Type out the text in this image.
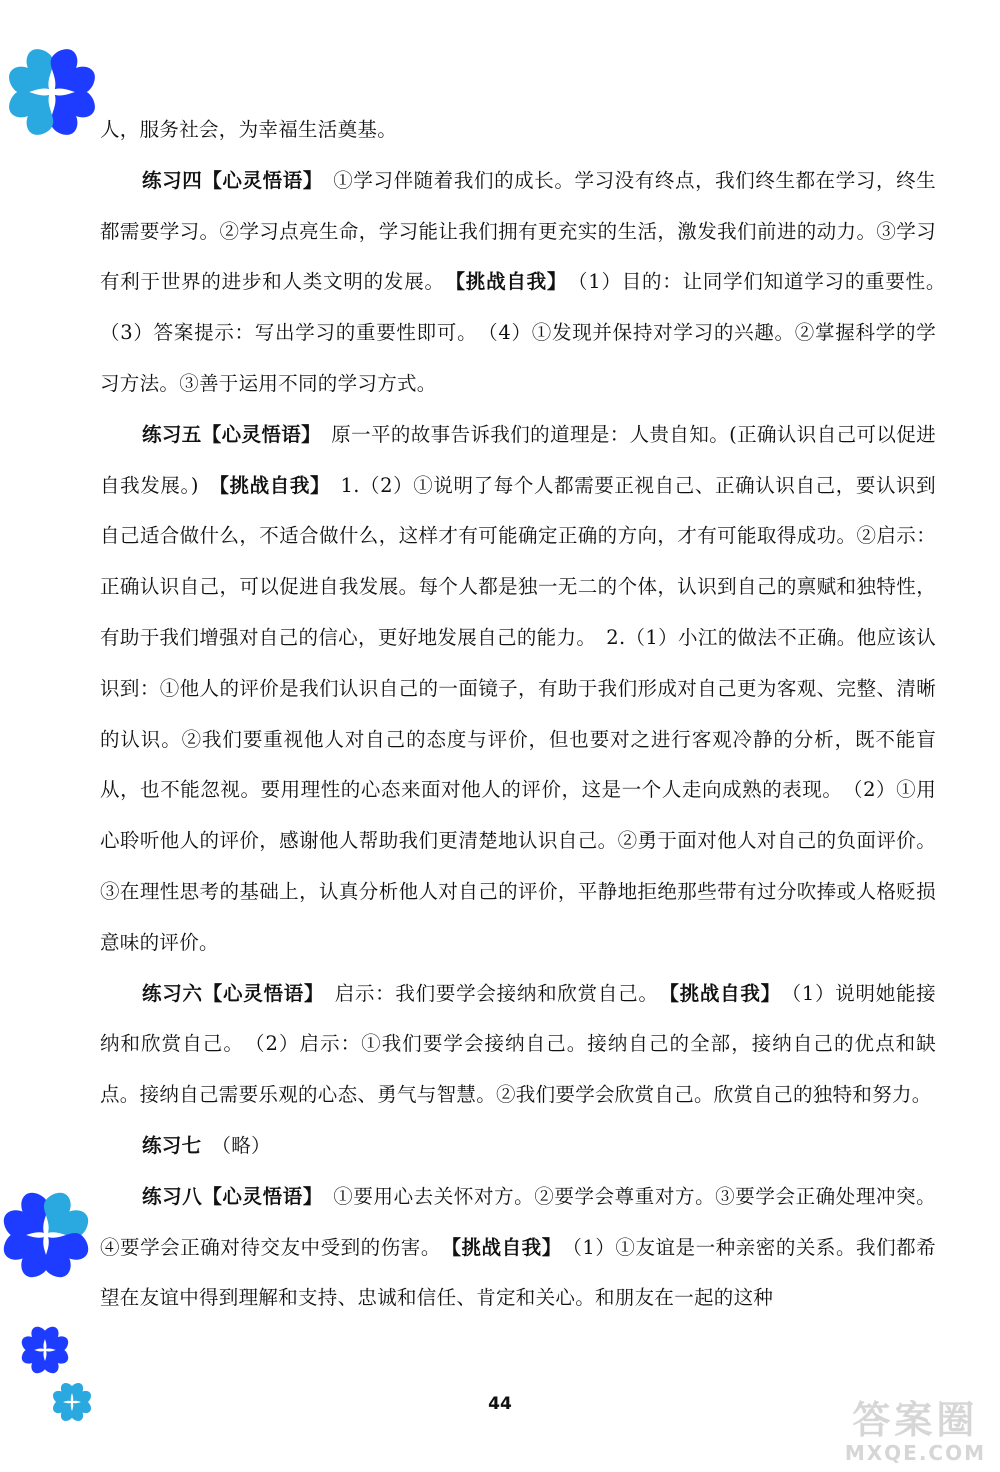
人，服务社会，为幸福生活奠基。

练习四【心灵悟语】　①学习伴随着我们的成长。学习没有终点，我们终生都在学习，终生都需要学习。②学习点亮生命，学习能让我们拥有更充实的生活，激发我们前进的动力。③学习有利于世界的进步和人类文明的发展。　【挑战自我】　（1）目的：让同学们知道学习的重要性。　（3）答案提示：写出学习的重要性即可。　（4）①发现并保持对学习的兴趣。②掌握科学的学习方法。③善于运用不同的学习方式。

练习五【心灵悟语】　原一平的故事告诉我们的道理是：人贵自知。(正确认识自己可以促进自我发展。)　【挑战自我】　1.（2）①说明了每个人都需要正视自己、正确认识自己，要认识到自己适合做什么，不适合做什么，这样才有可能确定正确的方向，才有可能取得成功。②启示：正确认识自己，可以促进自我发展。每个人都是独一无二的个体，认识到自己的禀赋和独特性，有助于我们增强对自己的信心，更好地发展自己的能力。　2.（1）小江的做法不正确。他应该认识到：①他人的评价是我们认识自己的一面镜子，有助于我们形成对自己更为客观、完整、清晰的认识。②我们要重视他人对自己的态度与评价，但也要对之进行客观冷静的分析，既不能盲从，也不能忽视。要用理性的心态来面对他人的评价，这是一个人走向成熟的表现。　（2）①用心聆听他人的评价，感谢他人帮助我们更清楚地认识自己。②勇于面对他人对自己的负面评价。③在理性思考的基础上，认真分析他人对自己的评价，平静地拒绝那些带有过分吹捧或人格贬损意味的评价。

练习六【心灵悟语】　启示：我们要学会接纳和欣赏自己。　【挑战自我】　（1）说明她能接纳和欣赏自己。　（2）启示：①我们要学会接纳自己。接纳自己的全部，接纳自己的优点和缺点。接纳自己需要乐观的心态、勇气与智慧。②我们要学会欣赏自己。欣赏自己的独特和努力。

练习七　（略）

练习八【心灵悟语】　①要用心去关怀对方。②要学会尊重对方。③要学会正确处理冲突。④要学会正确对待交友中受到的伤害。　【挑战自我】　（1）①友谊是一种亲密的关系。我们都希望在友谊中得到理解和支持、忠诚和信任、肯定和关心。和朋友在一起的这种

44	答案圈
MXQE.COM
